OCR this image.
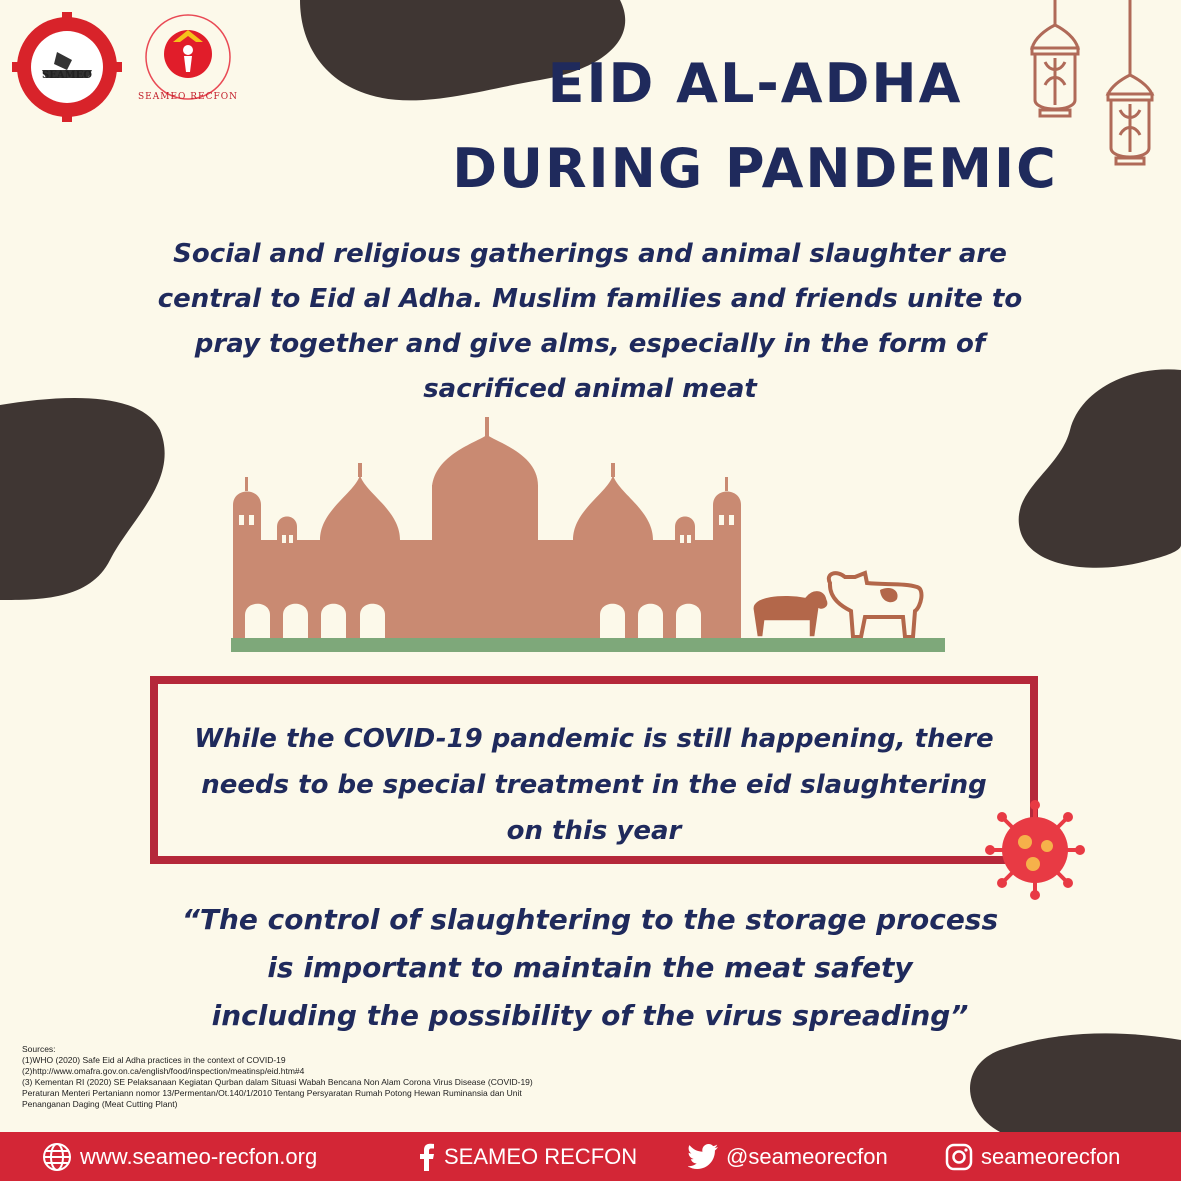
SEAMEO
SEAMEO RECFON	EID AL-ADHA
DURING PANDEMIC
Social and religious gatherings and animal slaughter are
central to Eid al Adha. Muslim families and friends unite to
pray together and give alms, especially in the form of
sacrificed animal meat
While the COVID-19 pandemic is still happening, there
needs to be special treatment in the eid slaughtering
on this year
“The control of slaughtering to the storage process
is important to maintain the meat safety
including the possibility of the virus spreading”
Sources:
(1)WHO (2020) Safe Eid al Adha practices in the context of COVID-19
(2)http://www.omafra.gov.on.ca/english/food/inspection/meatinsp/eid.htm#4
(3) Kementan RI (2020) SE Pelaksanaan Kegiatan Qurban dalam Situasi Wabah Bencana Non Alam Corona Virus Disease (COVID-19)
Peraturan Menteri Pertaniann nomor 13/Permentan/Ot.140/1/2010 Tentang Persyaratan Rumah Potong Hewan Ruminansia dan Unit Penanganan Daging (Meat Cutting Plant)
www.seameo-recfon.org	SEAMEO RECFON	@seameorecfon	seameorecfon
